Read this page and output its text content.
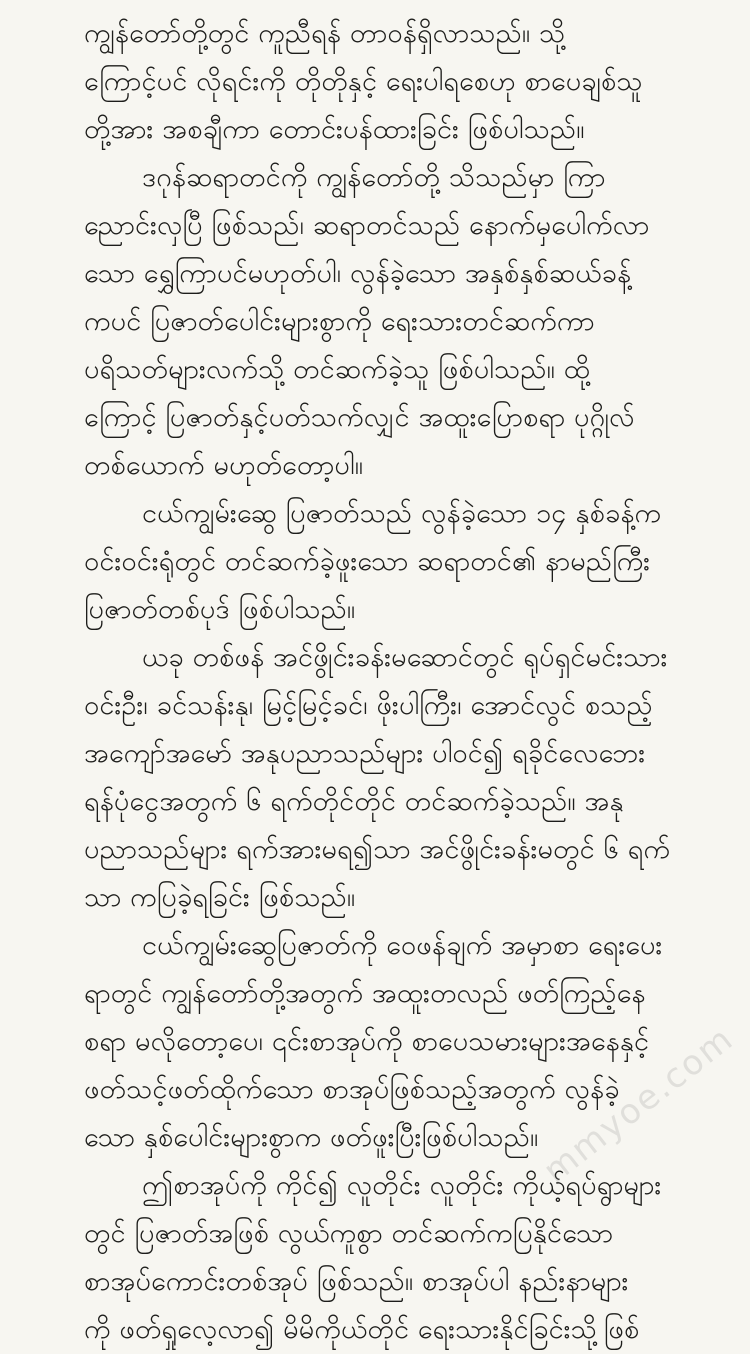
ကျွန်တော်တို့တွင် ကူညီရန် တာဝန်ရှိလာသည်။ သို့
ကြောင့်ပင် လိုရင်းကို တိုတိုနှင့် ရေးပါရစေဟု စာပေချစ်သူ
တို့အား အစချီကာ တောင်းပန်ထားခြင်း ဖြစ်ပါသည်။
ဒဂုန်ဆရာတင်ကို ကျွန်တော်တို့ သိသည်မှာ ကြာ
ညောင်းလှပြီ ဖြစ်သည်၊ ဆရာတင်သည် နောက်မှပေါက်လာ
သော ရွှေကြာပင်မဟုတ်ပါ၊ လွန်ခဲ့သော အနှစ်နှစ်ဆယ်ခန့်
ကပင် ပြဇာတ်ပေါင်းများစွာကို ရေးသားတင်ဆက်ကာ
ပရိသတ်များလက်သို့ တင်ဆက်ခဲ့သူ ဖြစ်ပါသည်။ ထို့
ကြောင့် ပြဇာတ်နှင့်ပတ်သက်လျှင် အထူးပြောစရာ ပုဂ္ဂိုလ်
တစ်ယောက် မဟုတ်တော့ပါ။
ငယ်ကျွမ်းဆွေ ပြဇာတ်သည် လွန်ခဲ့သော ၁၄ နှစ်ခန့်က
ဝင်းဝင်းရုံတွင် တင်ဆက်ခဲ့ဖူးသော ဆရာတင်၏ နာမည်ကြီး
ပြဇာတ်တစ်ပုဒ် ဖြစ်ပါသည်။
ယခု တစ်ဖန် အင်ဖွိုင်းခန်းမဆောင်တွင် ရုပ်ရှင်မင်းသား
ဝင်းဦး၊ ခင်သန်းနု၊ မြင့်မြင့်ခင်၊ ဖိုးပါကြီး၊ အောင်လွင် စသည့်
အကျော်အမော် အနုပညာသည်များ ပါဝင်၍ ရခိုင်လေဘေး
ရန်ပုံငွေအတွက် ၆ ရက်တိုင်တိုင် တင်ဆက်ခဲ့သည်။ အနု
ပညာသည်များ ရက်အားမရ၍သာ အင်ဖွိုင်းခန်းမတွင် ၆ ရက်
သာ ကပြခဲ့ရခြင်း ဖြစ်သည်။
ငယ်ကျွမ်းဆွေပြဇာတ်ကို ဝေဖန်ချက် အမှာစာ ရေးပေး
ရာတွင် ကျွန်တော်တို့အတွက် အထူးတလည် ဖတ်ကြည့်နေ
စရာ မလိုတော့ပေ၊ ၎င်းစာအုပ်ကို စာပေသမားများအနေနှင့်
ဖတ်သင့်ဖတ်ထိုက်သော စာအုပ်ဖြစ်သည့်အတွက် လွန်ခဲ့
သော နှစ်ပေါင်းများစွာက ဖတ်ဖူးပြီးဖြစ်ပါသည်။
ဤစာအုပ်ကို ကိုင်၍ လူတိုင်း လူတိုင်း ကိုယ့်ရပ်ရွာများ
တွင် ပြဇာတ်အဖြစ် လွယ်ကူစွာ တင်ဆက်ကပြနိုင်သော
စာအုပ်ကောင်းတစ်အုပ် ဖြစ်သည်။ စာအုပ်ပါ နည်းနာများ
ကို ဖတ်ရှုလေ့လာ၍ မိမိကိုယ်တိုင် ရေးသားနိုင်ခြင်းသို့ဖြစ်
mmyoe.com
